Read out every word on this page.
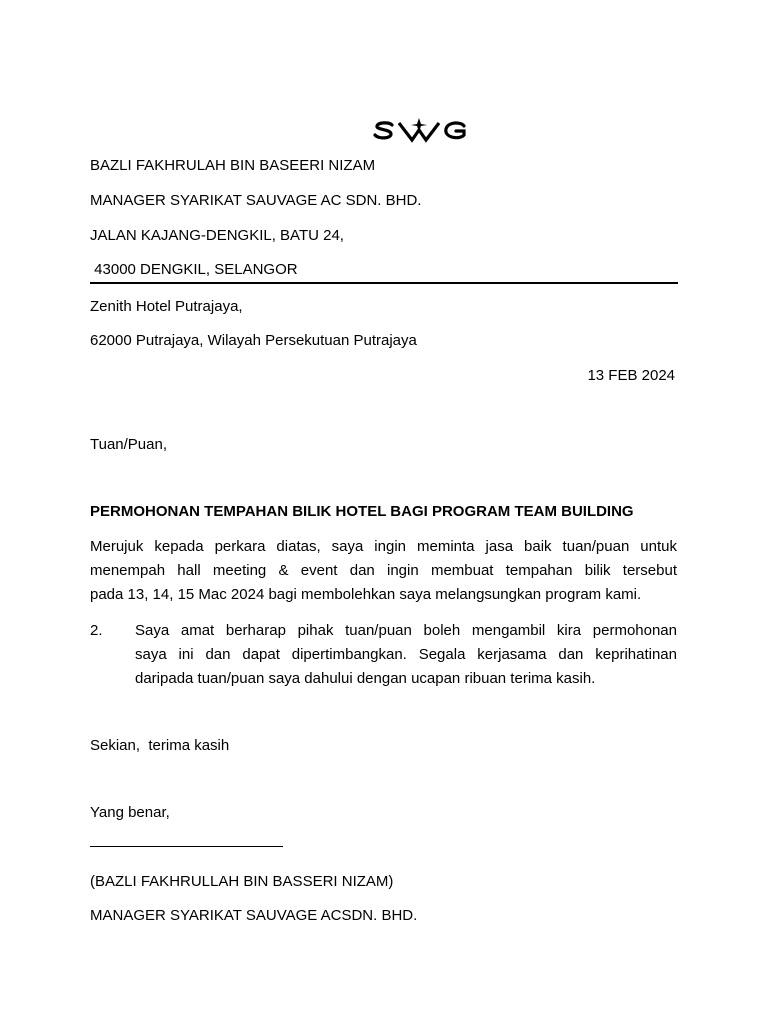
BAZLI FAKHRULAH BIN BASEERI NIZAM
MANAGER SYARIKAT SAUVAGE AC SDN. BHD.
JALAN KAJANG-DENGKIL, BATU 24,
43000 DENGKIL, SELANGOR
Zenith Hotel Putrajaya,
62000 Putrajaya, Wilayah Persekutuan Putrajaya
13 FEB 2024
Tuan/Puan,
PERMOHONAN TEMPAHAN BILIK HOTEL BAGI PROGRAM TEAM BUILDING
Merujuk kepada perkara diatas, saya ingin meminta jasa baik tuan/puan untuk
menempah hall meeting & event dan ingin membuat tempahan bilik tersebut
pada 13, 14, 15 Mac 2024 bagi membolehkan saya melangsungkan program kami.
2. Saya amat berharap pihak tuan/puan boleh mengambil kira permohonan
saya ini dan dapat dipertimbangkan. Segala kerjasama dan keprihatinan
daripada tuan/puan saya dahului dengan ucapan ribuan terima kasih.
Sekian,  terima kasih
Yang benar,
(BAZLI FAKHRULLAH BIN BASSERI NIZAM)
MANAGER SYARIKAT SAUVAGE ACSDN. BHD.
